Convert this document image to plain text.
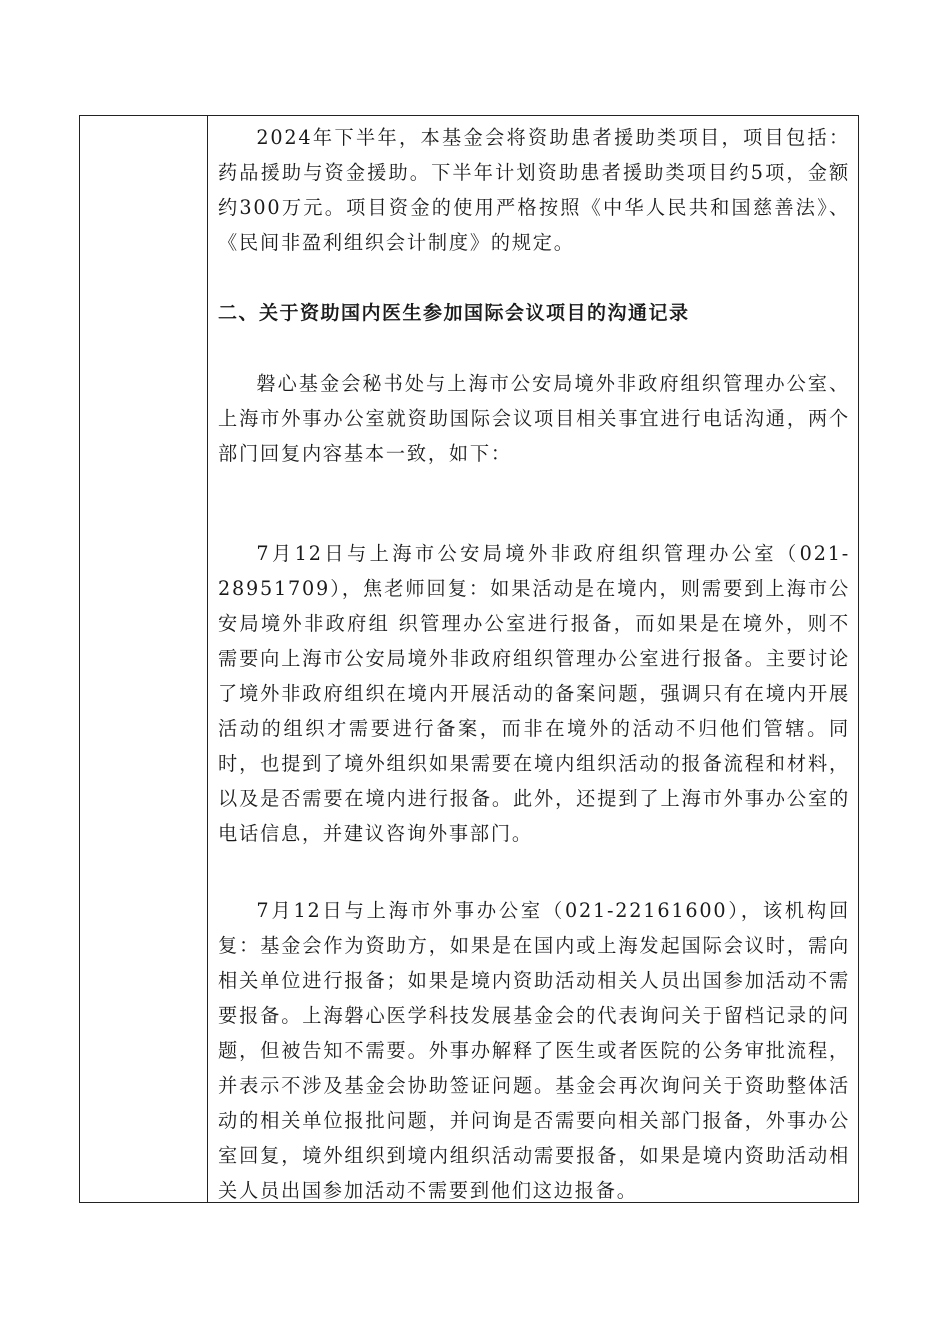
2024年下半年，本基金会将资助患者援助类项目，项目包括：药品援助与资金援助。下半年计划资助患者援助类项目约5项，金额约300万元。项目资金的使用严格按照《中华人民共和国慈善法》、《民间非盈利组织会计制度》的规定。

二、关于资助国内医生参加国际会议项目的沟通记录

磐心基金会秘书处与上海市公安局境外非政府组织管理办公室、上海市外事办公室就资助国际会议项目相关事宜进行电话沟通，两个部门回复内容基本一致，如下：

7月12日与上海市公安局境外非政府组织管理办公室（021-28951709），焦老师回复：如果活动是在境内，则需要到上海市公安局境外非政府组 织管理办公室进行报备，而如果是在境外，则不需要向上海市公安局境外非政府组织管理办公室进行报备。主要讨论了境外非政府组织在境内开展活动的备案问题，强调只有在境内开展活动的组织才需要进行备案，而非在境外的活动不归他们管辖。同时，也提到了境外组织如果需要在境内组织活动的报备流程和材料，以及是否需要在境内进行报备。此外，还提到了上海市外事办公室的电话信息，并建议咨询外事部门。

7月12日与上海市外事办公室（021-22161600），该机构回复：基金会作为资助方，如果是在国内或上海发起国际会议时，需向相关单位进行报备；如果是境内资助活动相关人员出国参加活动不需要报备。上海磐心医学科技发展基金会的代表询问关于留档记录的问题，但被告知不需要。外事办解释了医生或者医院的公务审批流程，并表示不涉及基金会协助签证问题。基金会再次询问关于资助整体活动的相关单位报批问题，并问询是否需要向相关部门报备，外事办公室回复，境外组织到境内组织活动需要报备，如果是境内资助活动相关人员出国参加活动不需要到他们这边报备。
